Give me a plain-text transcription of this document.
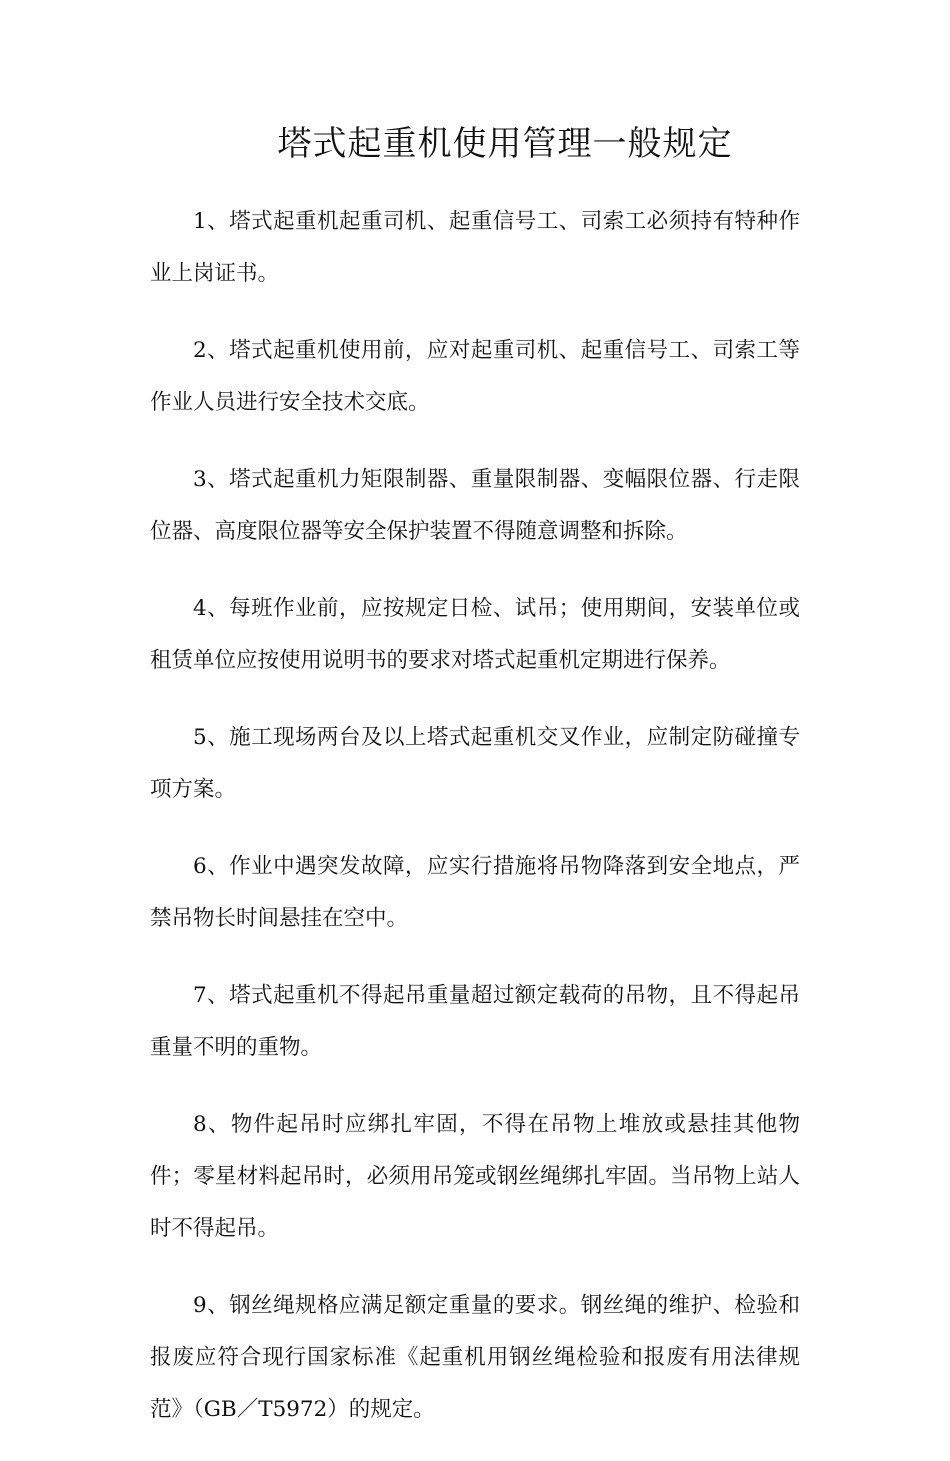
塔式起重机使用管理一般规定

1、塔式起重机起重司机、起重信号工、司索工必须持有特种作业上岗证书。

2、塔式起重机使用前，应对起重司机、起重信号工、司索工等作业人员进行安全技术交底。

3、塔式起重机力矩限制器、重量限制器、变幅限位器、行走限位器、高度限位器等安全保护装置不得随意调整和拆除。

4、每班作业前，应按规定日检、试吊；使用期间，安装单位或租赁单位应按使用说明书的要求对塔式起重机定期进行保养。

5、施工现场两台及以上塔式起重机交叉作业，应制定防碰撞专项方案。

6、作业中遇突发故障，应实行措施将吊物降落到安全地点，严禁吊物长时间悬挂在空中。

7、塔式起重机不得起吊重量超过额定载荷的吊物，且不得起吊重量不明的重物。

8、物件起吊时应绑扎牢固，不得在吊物上堆放或悬挂其他物件；零星材料起吊时，必须用吊笼或钢丝绳绑扎牢固。当吊物上站人时不得起吊。

9、钢丝绳规格应满足额定重量的要求。钢丝绳的维护、检验和报废应符合现行国家标准《起重机用钢丝绳检验和报废有用法律规范》（GB／T5972）的规定。
